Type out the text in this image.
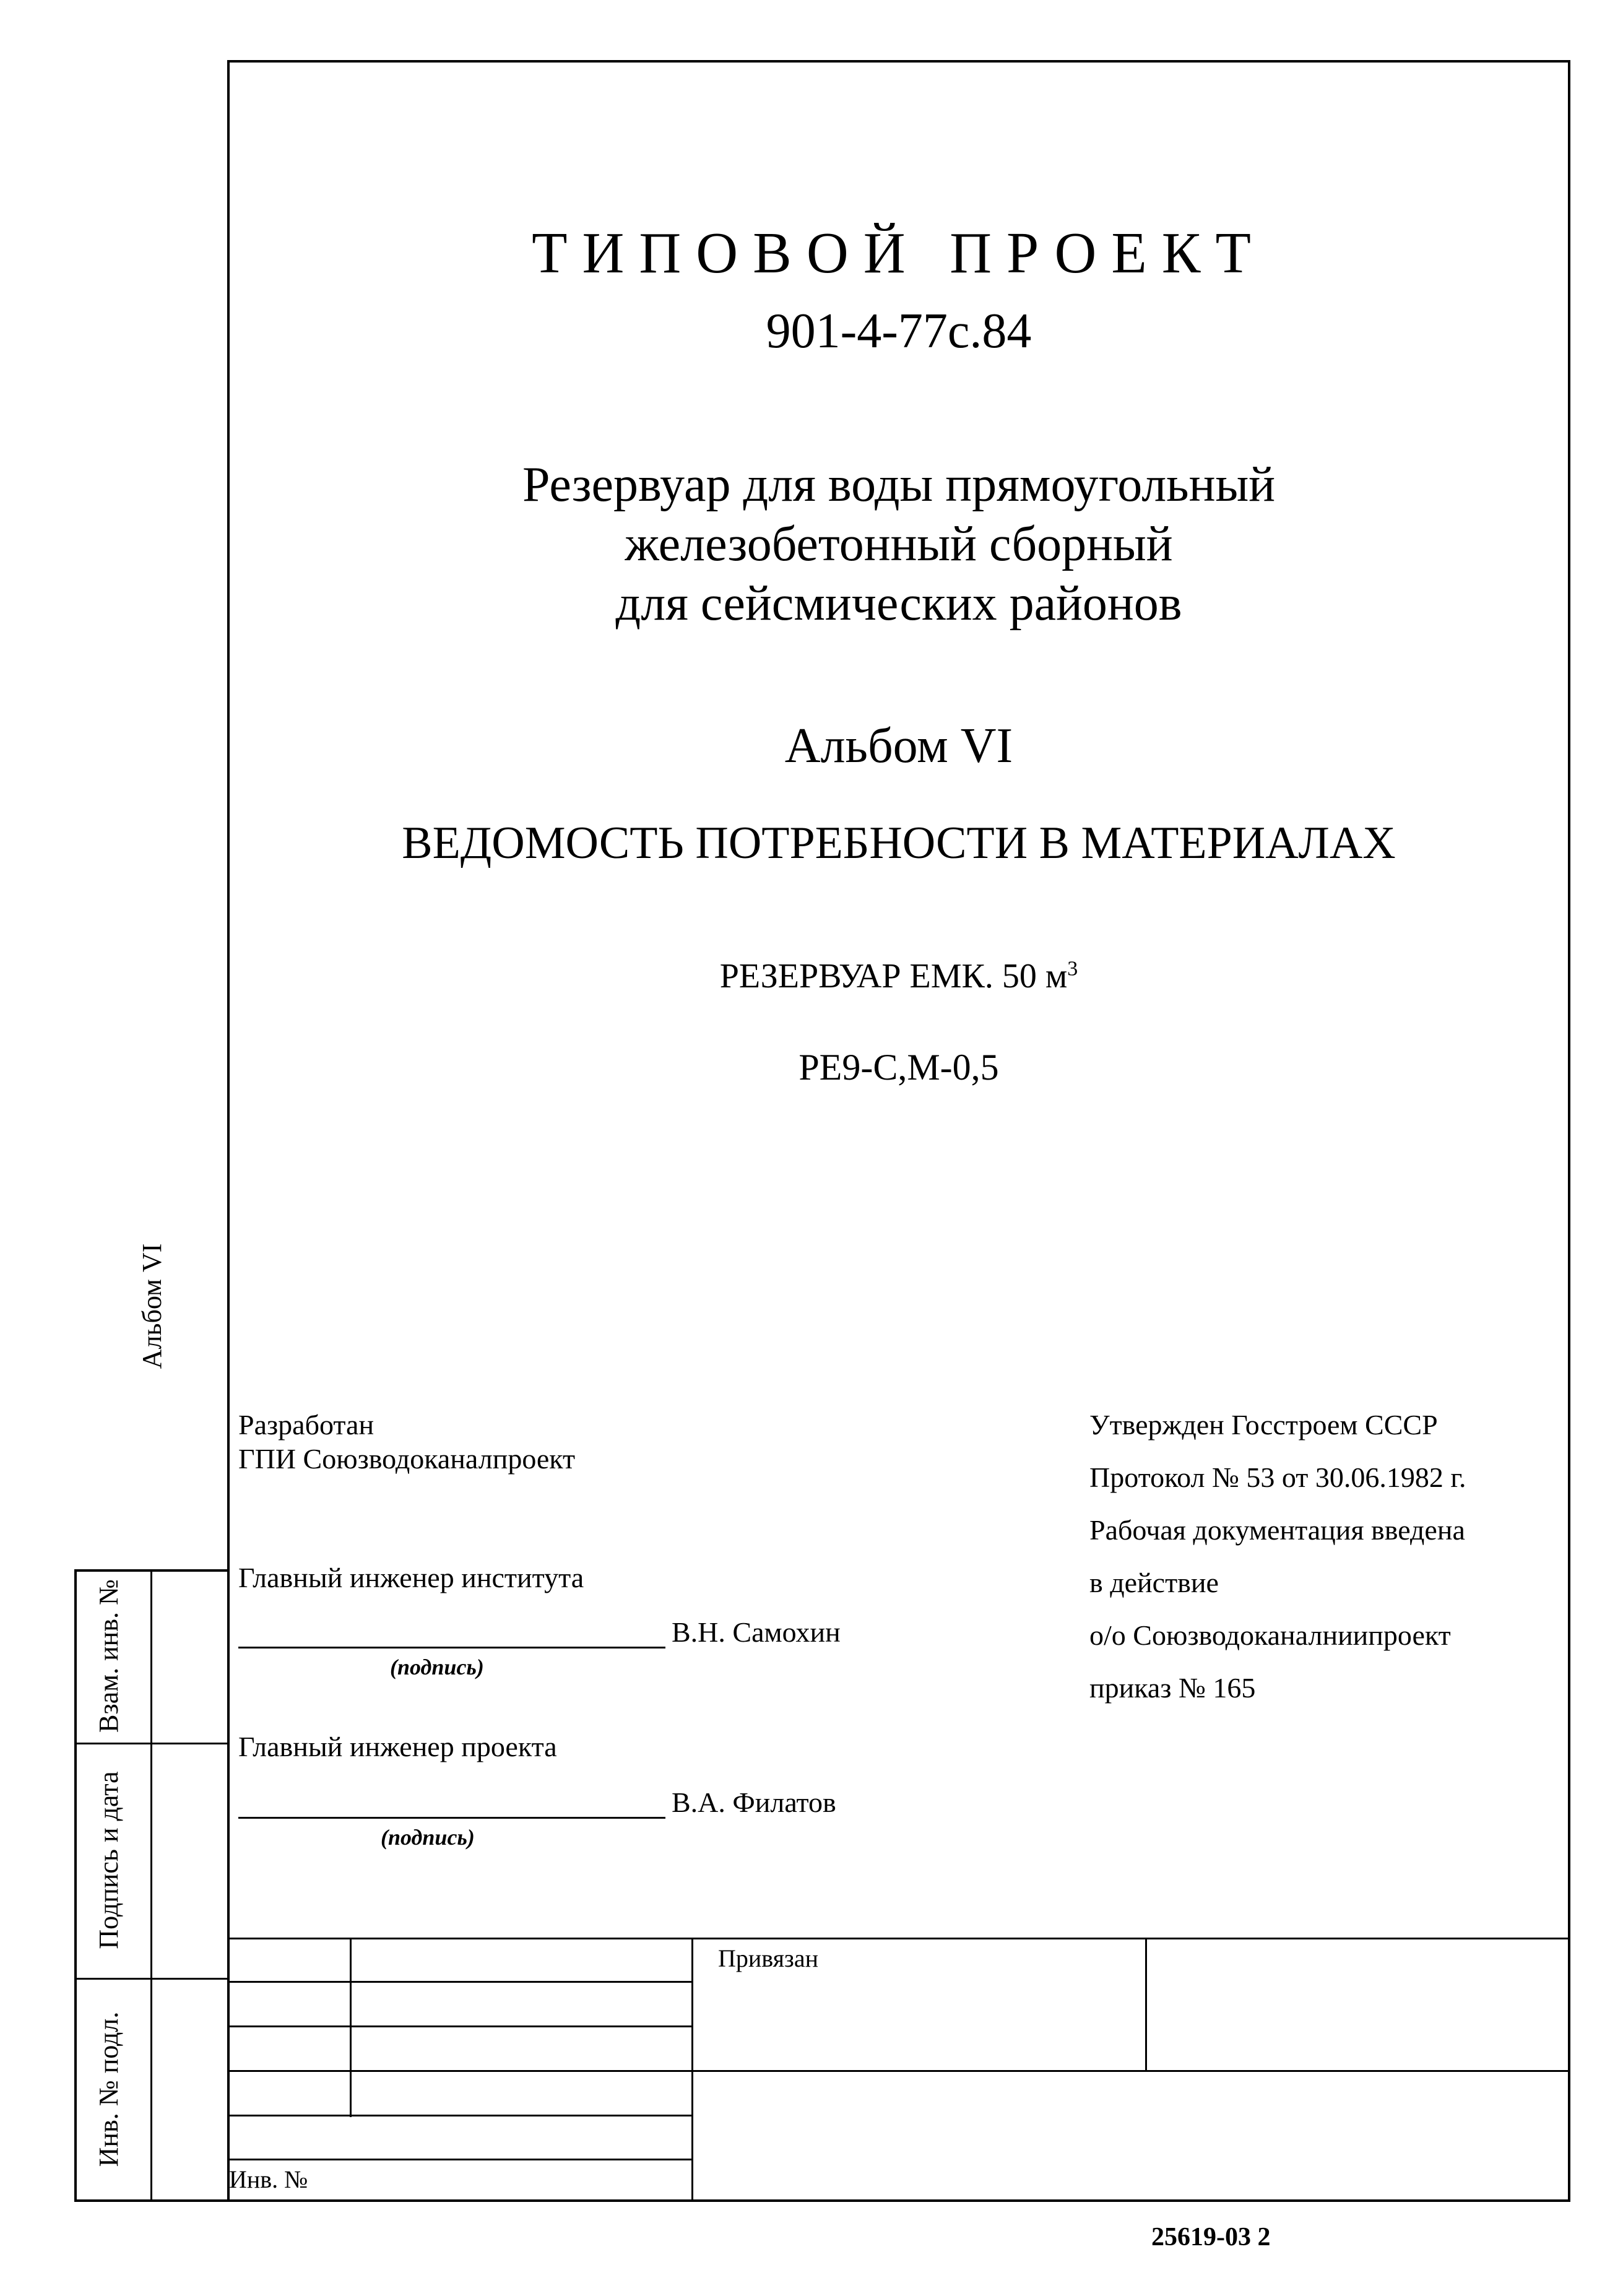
ТИПОВОЙ ПРОЕКТ
901-4-77с.84
Резервуар для воды прямоугольный
железобетонный сборный
для сейсмических районов
Альбом VI
ВЕДОМОСТЬ ПОТРЕБНОСТИ В МАТЕРИАЛАХ
РЕЗЕРВУАР ЕМК. 50 $м^3$
РЕ9-С,М-0,5
Альбом VI
Взам. инв. №
Подпись и дата
Инв. № подл.
Разработан
ГПИ Союзводоканалпроект
Главный инженер института
В.Н. Самохин
(подпись)
Главный инженер проекта
В.А. Филатов
(подпись)
Утвержден Госстроем СССР
Протокол № 53 от 30.06.1982 г.
Рабочая документация введена
в действие
о/о Союзводоканалниипроект
приказ № 165
Привязан
Инв. №
25619-03 2
